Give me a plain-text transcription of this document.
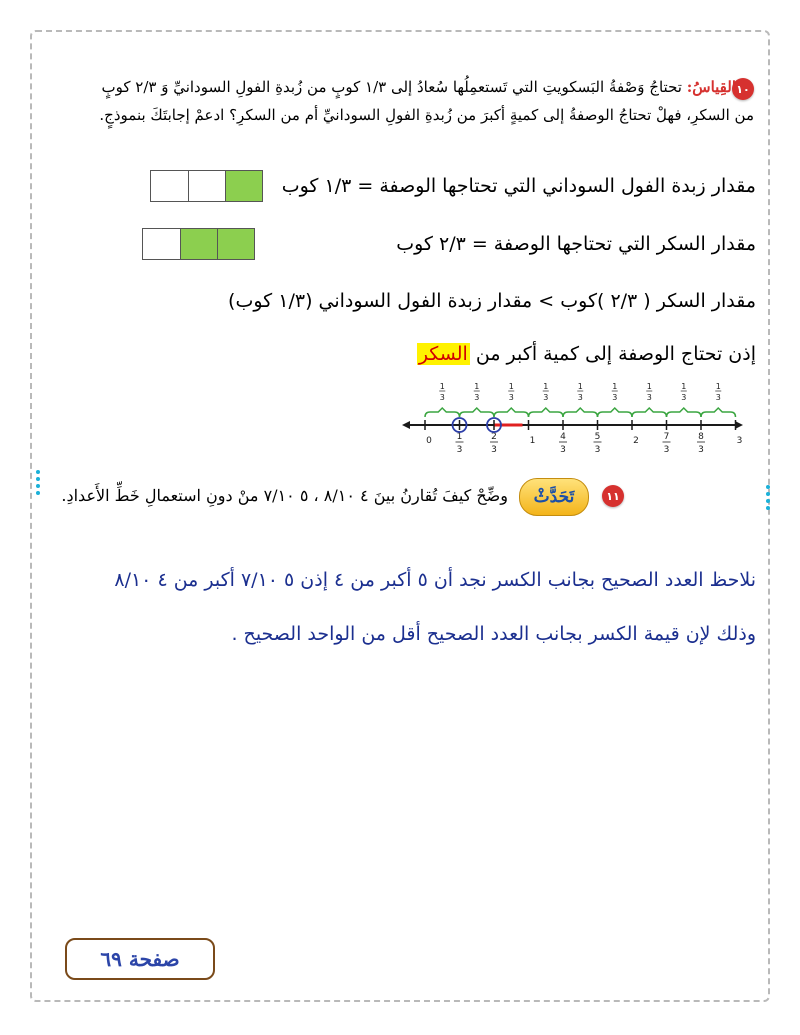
١٠
القِياسُ: تحتاجُ وَصْفةُ البَسكويتِ التي تَستعمِلُها سُعادُ إلى ١/٣ كوبٍ من زُبدةِ الفولِ السودانيِّ وَ ٢/٣ كوبٍ
من السكرِ، فهلْ تحتاجُ الوصفةُ إلى كميةٍ أكبرَ من زُبدةِ الفولِ السودانيِّ أم من السكرِ؟ ادعمْ إجابتَكَ بنموذجٍ.
مقدار زبدة الفول السوداني التي تحتاجها الوصفة = ١/٣ كوب
مقدار السكر التي تحتاجها الوصفة = ٢/٣ كوب
مقدار السكر ( ٢/٣ )كوب > مقدار زبدة الفول السوداني (١/٣ كوب)
إذن تحتاج الوصفة إلى كمية أكبر من السكر
0	1 3
2 3
1	4 3
5 3
2	7 3
8 3
3
1 3
1 3
1 3
1 3
1 3
1 3
1 3
1 3
1 3
١١
تَحَدَّثْ
وضِّحْ كيفَ تُقارنُ بينَ ٤ ٨/١٠ ، ٥ ٧/١٠ منْ دونِ استعمالِ خَطِّ الأَعدادِ.
نلاحظ العدد الصحيح بجانب الكسر نجد أن ٥ أكبر من ٤ إذن ٥ ٧/١٠ أكبر من ٤ ٨/١٠
وذلك لإن قيمة الكسر بجانب العدد الصحيح أقل من الواحد الصحيح .
صفحة ٦٩
